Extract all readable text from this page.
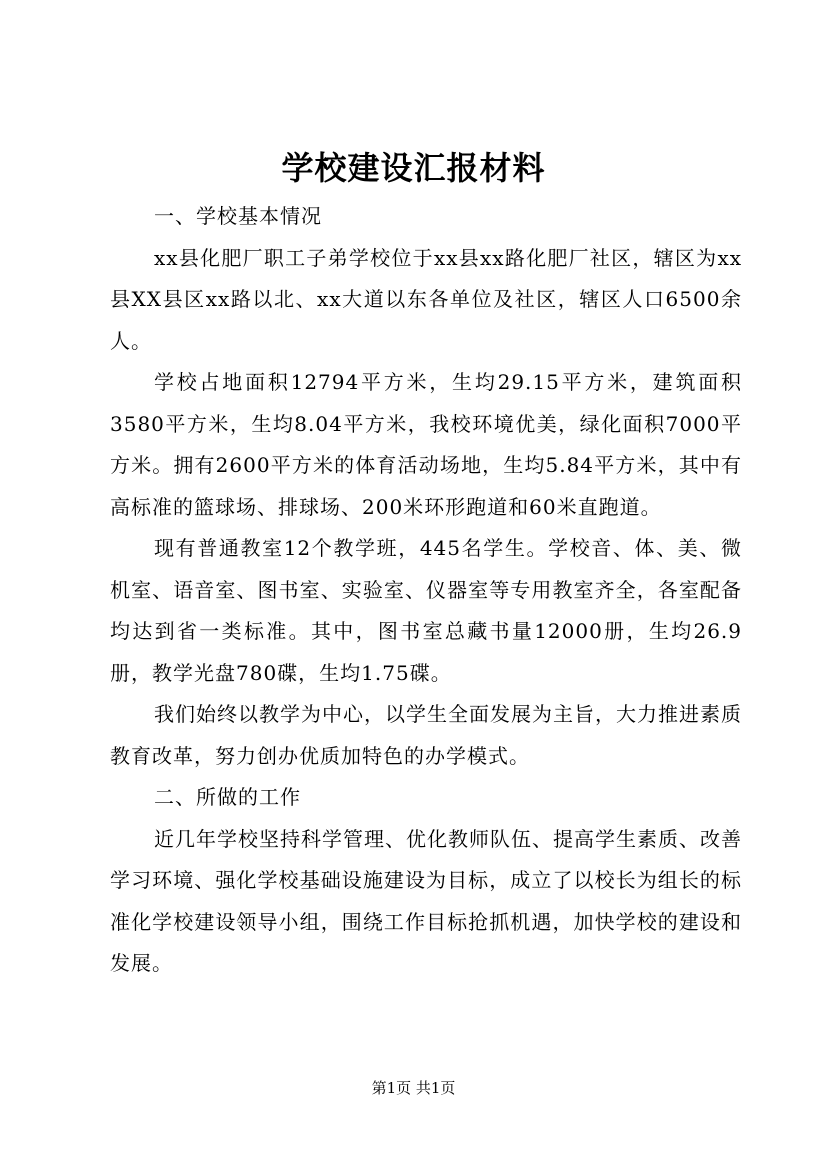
学校建设汇报材料

一、学校基本情况

xx县化肥厂职工子弟学校位于xx县xx路化肥厂社区，辖区为xx县XX县区xx路以北、xx大道以东各单位及社区，辖区人口6500余人。

学校占地面积12794平方米，生均29.15平方米，建筑面积3580平方米，生均8.04平方米，我校环境优美，绿化面积7000平方米。拥有2600平方米的体育活动场地，生均5.84平方米，其中有高标准的篮球场、排球场、200米环形跑道和60米直跑道。

现有普通教室12个教学班，445名学生。学校音、体、美、微机室、语音室、图书室、实验室、仪器室等专用教室齐全，各室配备均达到省一类标准。其中，图书室总藏书量12000册，生均26.9册，教学光盘780碟，生均1.75碟。

我们始终以教学为中心，以学生全面发展为主旨，大力推进素质教育改革，努力创办优质加特色的办学模式。

二、所做的工作

近几年学校坚持科学管理、优化教师队伍、提高学生素质、改善学习环境、强化学校基础设施建设为目标，成立了以校长为组长的标准化学校建设领导小组，围绕工作目标抢抓机遇，加快学校的建设和发展。

第1页 共1页
